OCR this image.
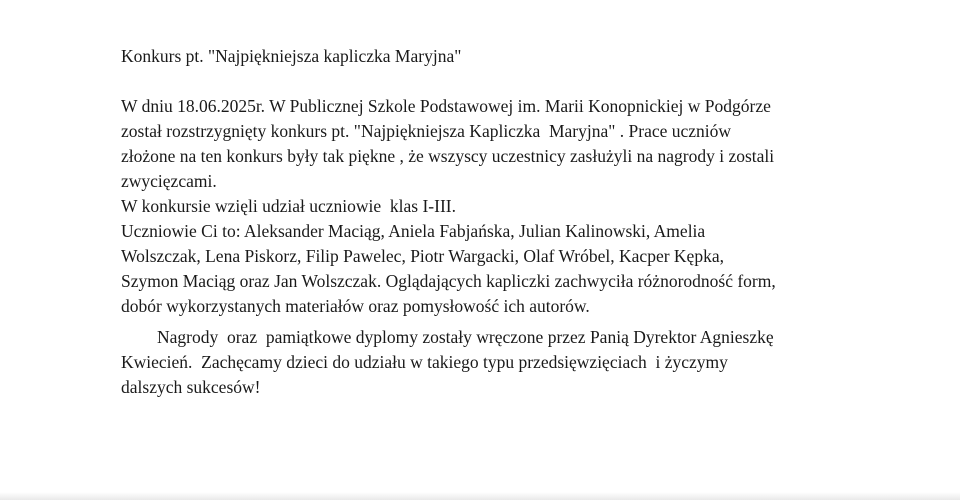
Konkurs pt. "Najpiękniejsza kapliczka Maryjna"
W dniu 18.06.2025r. W Publicznej Szkole Podstawowej im. Marii Konopnickiej w Podgórze
został rozstrzygnięty konkurs pt. "Najpiękniejsza Kapliczka  Maryjna" . Prace uczniów
złożone na ten konkurs były tak piękne , że wszyscy uczestnicy zasłużyli na nagrody i zostali
zwycięzcami.
W konkursie wzięli udział uczniowie  klas I-III.
Uczniowie Ci to: Aleksander Maciąg, Aniela Fabjańska, Julian Kalinowski, Amelia
Wolszczak, Lena Piskorz, Filip Pawelec, Piotr Wargacki, Olaf Wróbel, Kacper Kępka,
Szymon Maciąg oraz Jan Wolszczak. Oglądających kapliczki zachwyciła różnorodność form,
dobór wykorzystanych materiałów oraz pomysłowość ich autorów.
Nagrody  oraz  pamiątkowe dyplomy zostały wręczone przez Panią Dyrektor Agnieszkę
Kwiecień.  Zachęcamy dzieci do udziału w takiego typu przedsięwzięciach  i życzymy
dalszych sukcesów!
